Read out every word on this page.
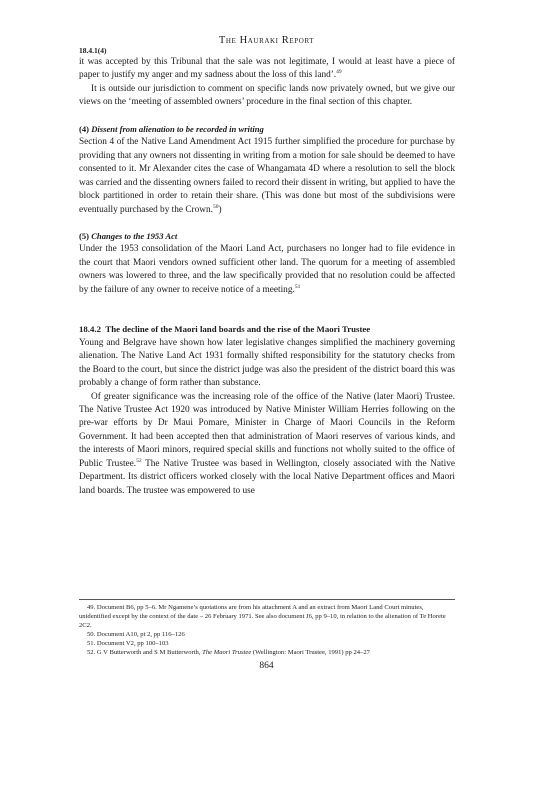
The Hauraki Report
18.4.1(4)

it was accepted by this Tribunal that the sale was not legitimate, I would at least have a piece of paper to justify my anger and my sadness about the loss of this land’.$^{49}$

It is outside our jurisdiction to comment on specific lands now privately owned, but we give our views on the ‘meeting of assembled owners’ procedure in the final section of this chapter.

(4) Dissent from alienation to be recorded in writing

Section 4 of the Native Land Amendment Act 1915 further simplified the procedure for purchase by providing that any owners not dissenting in writing from a motion for sale should be deemed to have consented to it. Mr Alexander cites the case of Whangamata 4D where a resolution to sell the block was carried and the dissenting owners failed to record their dissent in writing, but applied to have the block partitioned in order to retain their share. (This was done but most of the subdivisions were eventually purchased by the Crown.$^{50}$)

(5) Changes to the 1953 Act

Under the 1953 consolidation of the Maori Land Act, purchasers no longer had to file evidence in the court that Maori vendors owned sufficient other land. The quorum for a meeting of assembled owners was lowered to three, and the law specifically provided that no resolution could be affected by the failure of any owner to receive notice of a meeting.$^{51}$

18.4.2 The decline of the Maori land boards and the rise of the Maori Trustee

Young and Belgrave have shown how later legislative changes simplified the machinery governing alienation. The Native Land Act 1931 formally shifted responsibility for the statutory checks from the Board to the court, but since the district judge was also the president of the district board this was probably a change of form rather than substance.

Of greater significance was the increasing role of the office of the Native (later Maori) Trustee. The Native Trustee Act 1920 was introduced by Native Minister William Herries following on the pre-war efforts by Dr Maui Pomare, Minister in Charge of Maori Councils in the Reform Government. It had been accepted then that administration of Maori reserves of various kinds, and the interests of Maori minors, required special skills and functions not wholly suited to the office of Public Trustee.$^{52}$ The Native Trustee was based in Wellington, closely associated with the Native Department. Its district officers worked closely with the local Native Department offices and Maori land boards. The trustee was empowered to use

49. Document B6, pp 5–6. Mr Ngamene’s quotations are from his attachment A and an extract from Maori Land Court minutes, unidentified except by the context of the date – 26 February 1971. See also document J6, pp 9–10, in relation to the alienation of Te Horete 2C2.

50. Document A10, pt 2, pp 116–126

51. Document V2, pp 100–103

52. G V Butterworth and S M Butterworth, The Maori Trustee (Wellington: Maori Trustee, 1991) pp 24–27

864
